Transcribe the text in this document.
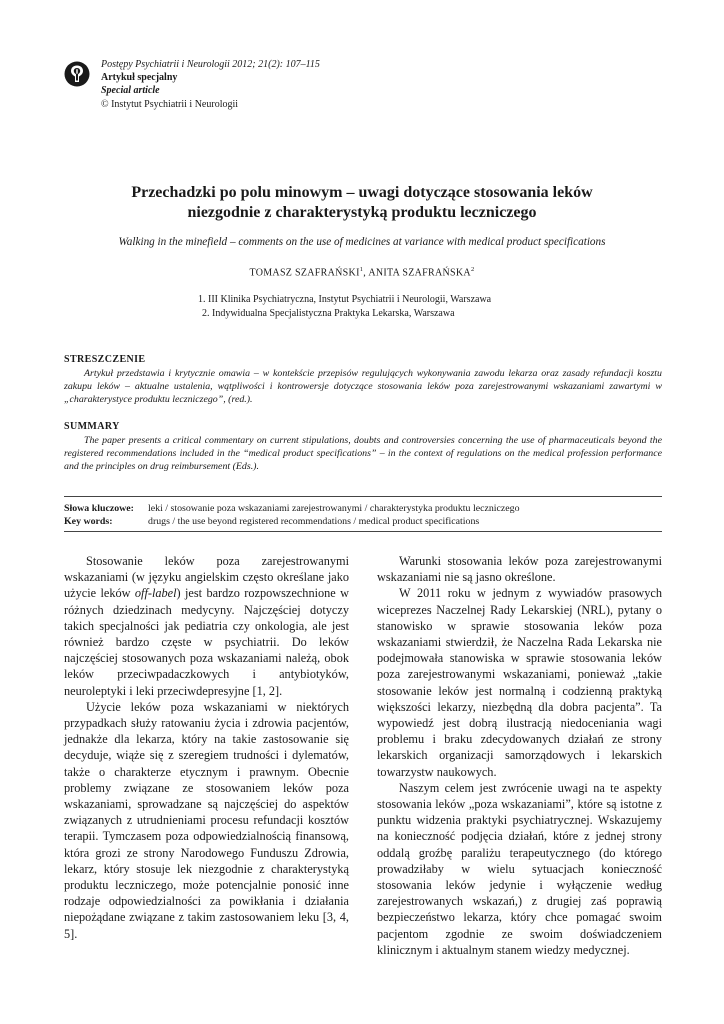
Postępy Psychiatrii i Neurologii 2012; 21(2): 107–115
Artykuł specjalny
Special article
© Instytut Psychiatrii i Neurologii
Przechadzki po polu minowym – uwagi dotyczące stosowania leków
niezgodnie z charakterystyką produktu leczniczego
Walking in the minefield – comments on the use of medicines at variance with medical product specifications
TOMASZ SZAFRAŃSKI$^1$, ANITA SZAFRAŃSKA$^2$
1. III Klinika Psychiatryczna, Instytut Psychiatrii i Neurologii, Warszawa
2. Indywidualna Specjalistyczna Praktyka Lekarska, Warszawa
STRESZCZENIE
Artykuł przedstawia i krytycznie omawia – w kontekście przepisów regulujących wykonywania zawodu lekarza oraz zasady refundacji kosztu zakupu leków – aktualne ustalenia, wątpliwości i kontrowersje dotyczące stosowania leków poza zarejestrowanymi wskazaniami zawartymi w „charakterystyce produktu leczniczego”, (red.).
SUMMARY
The paper presents a critical commentary on current stipulations, doubts and controversies concerning the use of pharmaceuticals beyond the registered recommendations included in the “medical product specifications” – in the context of regulations on the medical profession performance and the principles on drug reimbursement (Eds.).
Słowa kluczowe: leki / stosowanie poza wskazaniami zarejestrowanymi / charakterystyka produktu leczniczego
Key words:	drugs / the use beyond registered recommendations / medical product specifications

Stosowanie leków poza zarejestrowanymi wskazaniami (w języku angielskim często określane jako użycie leków off-label) jest bardzo rozpowszechnione w różnych dziedzinach medycyny. Najczęściej dotyczy takich specjalności jak pediatria czy onkologia, ale jest również bardzo częste w psychiatrii. Do leków najczęściej stosowanych poza wskazaniami należą, obok leków przeciwpadaczkowych i antybiotyków, neuroleptyki i leki przeciwdepresyjne [1, 2].

Użycie leków poza wskazaniami w niektórych przypadkach służy ratowaniu życia i zdrowia pacjentów, jednakże dla lekarza, który na takie zastosowanie się decyduje, wiąże się z szeregiem trudności i dylematów, także o charakterze etycznym i prawnym. Obecnie problemy związane ze stosowaniem leków poza wskazaniami, sprowadzane są najczęściej do aspektów związanych z utrudnieniami procesu refundacji kosztów terapii. Tymczasem poza odpowiedzialnością finansową, która grozi ze strony Narodowego Funduszu Zdrowia, lekarz, który stosuje lek niezgodnie z charakterystyką produktu leczniczego, może potencjalnie ponosić inne rodzaje odpowiedzialności za powikłania i działania niepożądane związane z takim zastosowaniem leku [3, 4, 5].

Warunki stosowania leków poza zarejestrowanymi wskazaniami nie są jasno określone.

W 2011 roku w jednym z wywiadów prasowych wiceprezes Naczelnej Rady Lekarskiej (NRL), pytany o stanowisko w sprawie stosowania leków poza wskazaniami stwierdził, że Naczelna Rada Lekarska nie podejmowała stanowiska w sprawie stosowania leków poza zarejestrowanymi wskazaniami, ponieważ „takie stosowanie leków jest normalną i codzienną praktyką większości lekarzy, niezbędną dla dobra pacjenta”. Ta wypowiedź jest dobrą ilustracją niedoceniania wagi problemu i braku zdecydowanych działań ze strony lekarskich organizacji samorządowych i lekarskich towarzystw naukowych.

Naszym celem jest zwrócenie uwagi na te aspekty stosowania leków „poza wskazaniami”, które są istotne z punktu widzenia praktyki psychiatrycznej. Wskazujemy na konieczność podjęcia działań, które z jednej strony oddalą groźbę paraliżu terapeutycznego (do którego prowadziłaby w wielu sytuacjach konieczność stosowania leków jedynie i wyłączenie według zarejestrowanych wskazań,) z drugiej zaś poprawią bezpieczeństwo lekarza, który chce pomagać swoim pacjentom zgodnie ze swoim doświadczeniem klinicznym i aktualnym stanem wiedzy medycznej.
